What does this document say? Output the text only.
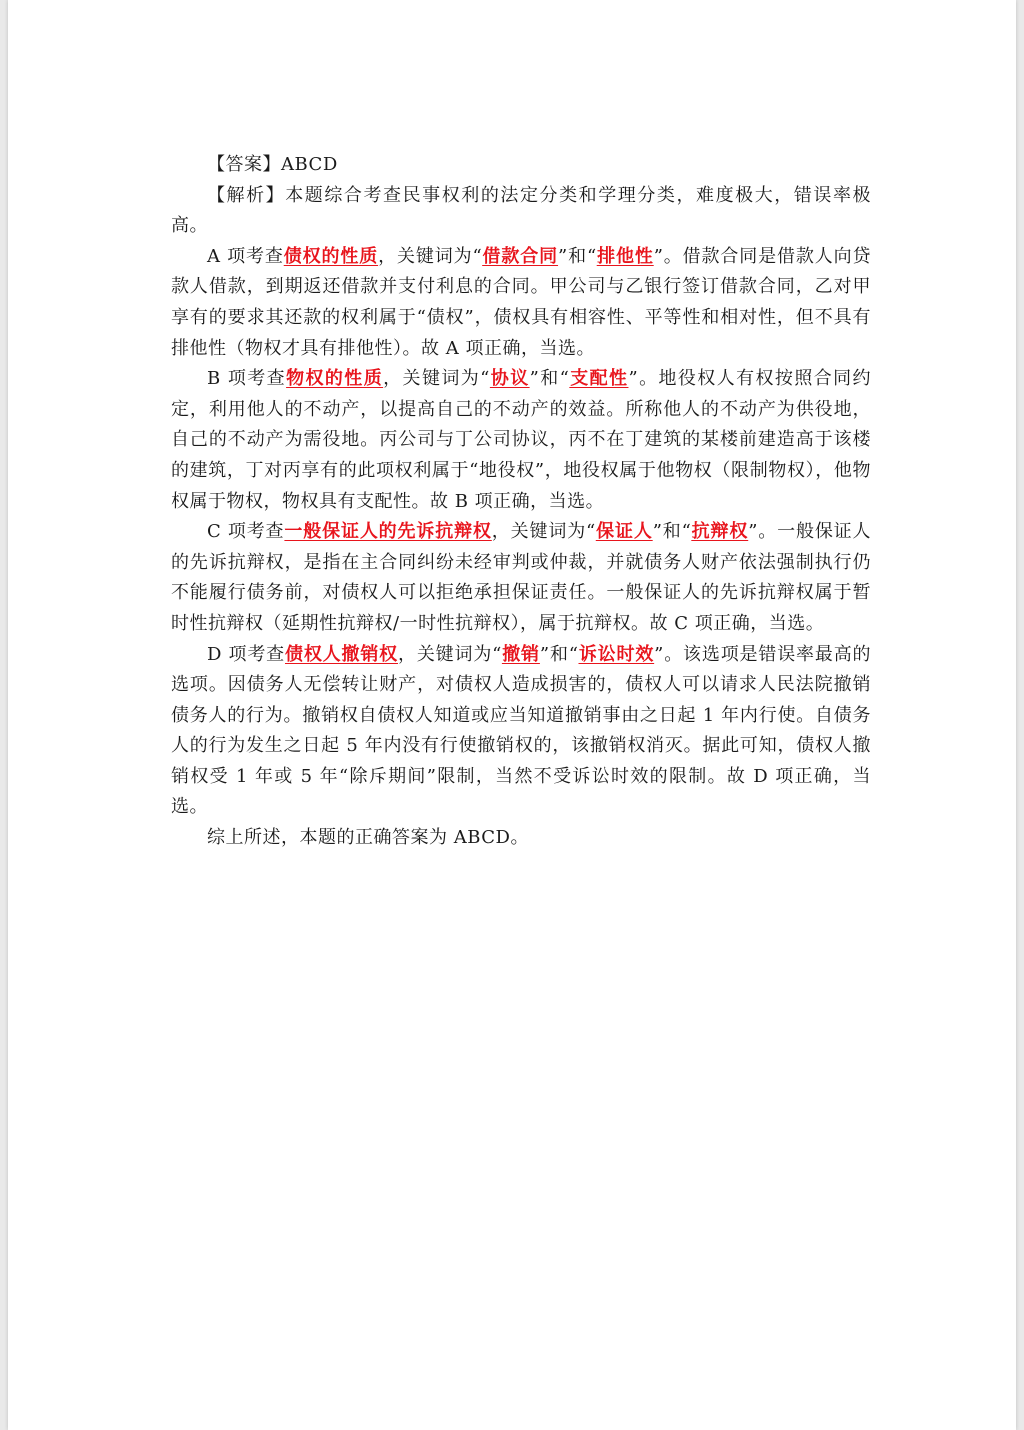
【答案】ABCD

【解析】本题综合考查民事权利的法定分类和学理分类，难度极大，错误率极高。

A 项考查债权的性质，关键词为“借款合同”和“排他性”。借款合同是借款人向贷款人借款，到期返还借款并支付利息的合同。甲公司与乙银行签订借款合同，乙对甲享有的要求其还款的权利属于“债权”，债权具有相容性、平等性和相对性，但不具有排他性（物权才具有排他性）。故 A 项正确，当选。

B 项考查物权的性质，关键词为“协议”和“支配性”。地役权人有权按照合同约定，利用他人的不动产，以提高自己的不动产的效益。所称他人的不动产为供役地，自己的不动产为需役地。丙公司与丁公司协议，丙不在丁建筑的某楼前建造高于该楼的建筑，丁对丙享有的此项权利属于“地役权”，地役权属于他物权（限制物权），他物权属于物权，物权具有支配性。故 B 项正确，当选。

C 项考查一般保证人的先诉抗辩权，关键词为“保证人”和“抗辩权”。一般保证人的先诉抗辩权，是指在主合同纠纷未经审判或仲裁，并就债务人财产依法强制执行仍不能履行债务前，对债权人可以拒绝承担保证责任。一般保证人的先诉抗辩权属于暂时性抗辩权（延期性抗辩权/一时性抗辩权），属于抗辩权。故 C 项正确，当选。

D 项考查债权人撤销权，关键词为“撤销”和“诉讼时效”。该选项是错误率最高的选项。因债务人无偿转让财产，对债权人造成损害的，债权人可以请求人民法院撤销债务人的行为。撤销权自债权人知道或应当知道撤销事由之日起 1 年内行使。自债务人的行为发生之日起 5 年内没有行使撤销权的，该撤销权消灭。据此可知，债权人撤销权受 1 年或 5 年“除斥期间”限制，当然不受诉讼时效的限制。故 D 项正确，当选。

综上所述，本题的正确答案为 ABCD。
